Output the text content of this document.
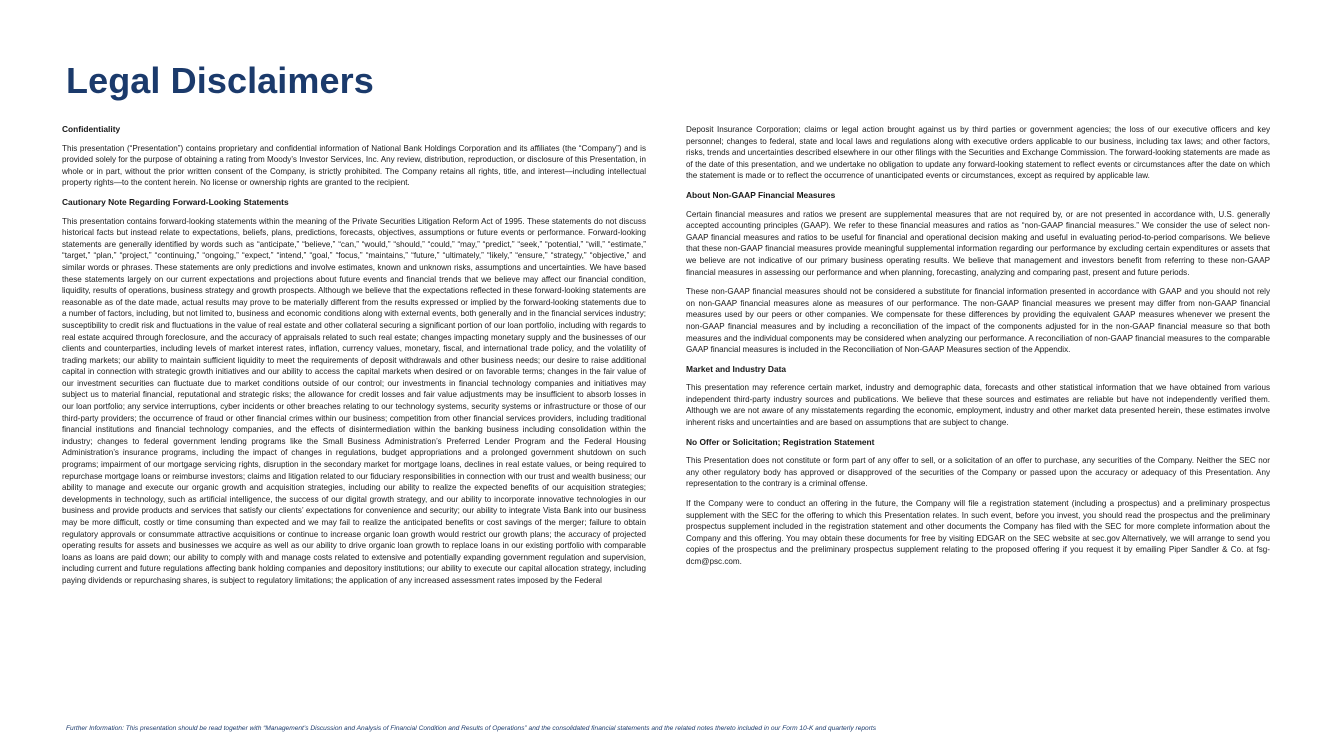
Legal Disclaimers
Confidentiality

This presentation (“Presentation”) contains proprietary and confidential information of National Bank Holdings Corporation and its affiliates (the “Company”) and is provided solely for the purpose of obtaining a rating from Moody’s Investor Services, Inc. Any review, distribution, reproduction, or disclosure of this Presentation, in whole or in part, without the prior written consent of the Company, is strictly prohibited. The Company retains all rights, title, and interest—including intellectual property rights—to the content herein. No license or ownership rights are granted to the recipient.

Cautionary Note Regarding Forward-Looking Statements

This presentation contains forward-looking statements within the meaning of the Private Securities Litigation Reform Act of 1995. These statements do not discuss historical facts but instead relate to expectations, beliefs, plans, predictions, forecasts, objectives, assumptions or future events or performance. Forward-looking statements are generally identified by words such as “anticipate,” “believe,” “can,” “would,” “should,” “could,” “may,” “predict,” “seek,” “potential,” “will,” “estimate,” “target,” “plan,” “project,” “continuing,” “ongoing,” “expect,” “intend,” “goal,” “focus,” “maintains,” “future,” “ultimately,” “likely,” “ensure,” “strategy,” “objective,” and similar words or phrases. These statements are only predictions and involve estimates, known and unknown risks, assumptions and uncertainties. We have based these statements largely on our current expectations and projections about future events and financial trends that we believe may affect our financial condition, liquidity, results of operations, business strategy and growth prospects. Although we believe that the expectations reflected in these forward-looking statements are reasonable as of the date made, actual results may prove to be materially different from the results expressed or implied by the forward-looking statements due to a number of factors, including, but not limited to, business and economic conditions along with external events, both generally and in the financial services industry; susceptibility to credit risk and fluctuations in the value of real estate and other collateral securing a significant portion of our loan portfolio, including with regards to real estate acquired through foreclosure, and the accuracy of appraisals related to such real estate; changes impacting monetary supply and the businesses of our clients and counterparties, including levels of market interest rates, inflation, currency values, monetary, fiscal, and international trade policy, and the volatility of trading markets; our ability to maintain sufficient liquidity to meet the requirements of deposit withdrawals and other business needs; our desire to raise additional capital in connection with strategic growth initiatives and our ability to access the capital markets when desired or on favorable terms; changes in the fair value of our investment securities can fluctuate due to market conditions outside of our control; our investments in financial technology companies and initiatives may subject us to material financial, reputational and strategic risks; the allowance for credit losses and fair value adjustments may be insufficient to absorb losses in our loan portfolio; any service interruptions, cyber incidents or other breaches relating to our technology systems, security systems or infrastructure or those of our third-party providers; the occurrence of fraud or other financial crimes within our business; competition from other financial services providers, including traditional financial institutions and financial technology companies, and the effects of disintermediation within the banking business including consolidation within the industry; changes to federal government lending programs like the Small Business Administration’s Preferred Lender Program and the Federal Housing Administration’s insurance programs, including the impact of changes in regulations, budget appropriations and a prolonged government shutdown on such programs; impairment of our mortgage servicing rights, disruption in the secondary market for mortgage loans, declines in real estate values, or being required to repurchase mortgage loans or reimburse investors; claims and litigation related to our fiduciary responsibilities in connection with our trust and wealth business; our ability to manage and execute our organic growth and acquisition strategies, including our ability to realize the expected benefits of our acquisition strategies; developments in technology, such as artificial intelligence, the success of our digital growth strategy, and our ability to incorporate innovative technologies in our business and provide products and services that satisfy our clients’ expectations for convenience and security; our ability to integrate Vista Bank into our business may be more difficult, costly or time consuming than expected and we may fail to realize the anticipated benefits or cost savings of the merger; failure to obtain regulatory approvals or consummate attractive acquisitions or continue to increase organic loan growth would restrict our growth plans; the accuracy of projected operating results for assets and businesses we acquire as well as our ability to drive organic loan growth to replace loans in our existing portfolio with comparable loans as loans are paid down; our ability to comply with and manage costs related to extensive and potentially expanding government regulation and supervision, including current and future regulations affecting bank holding companies and depository institutions; our ability to execute our capital allocation strategy, including paying dividends or repurchasing shares, is subject to regulatory limitations; the application of any increased assessment rates imposed by the Federal

Deposit Insurance Corporation; claims or legal action brought against us by third parties or government agencies; the loss of our executive officers and key personnel; changes to federal, state and local laws and regulations along with executive orders applicable to our business, including tax laws; and other factors, risks, trends and uncertainties described elsewhere in our other filings with the Securities and Exchange Commission. The forward-looking statements are made as of the date of this presentation, and we undertake no obligation to update any forward-looking statement to reflect events or circumstances after the date on which the statement is made or to reflect the occurrence of unanticipated events or circumstances, except as required by applicable law.

About Non-GAAP Financial Measures

Certain financial measures and ratios we present are supplemental measures that are not required by, or are not presented in accordance with, U.S. generally accepted accounting principles (GAAP). We refer to these financial measures and ratios as “non-GAAP financial measures.” We consider the use of select non-GAAP financial measures and ratios to be useful for financial and operational decision making and useful in evaluating period-to-period comparisons. We believe that these non-GAAP financial measures provide meaningful supplemental information regarding our performance by excluding certain expenditures or assets that we believe are not indicative of our primary business operating results. We believe that management and investors benefit from referring to these non-GAAP financial measures in assessing our performance and when planning, forecasting, analyzing and comparing past, present and future periods.

These non-GAAP financial measures should not be considered a substitute for financial information presented in accordance with GAAP and you should not rely on non-GAAP financial measures alone as measures of our performance. The non-GAAP financial measures we present may differ from non-GAAP financial measures used by our peers or other companies. We compensate for these differences by providing the equivalent GAAP measures whenever we present the non-GAAP financial measures and by including a reconciliation of the impact of the components adjusted for in the non-GAAP financial measure so that both measures and the individual components may be considered when analyzing our performance. A reconciliation of non-GAAP financial measures to the comparable GAAP financial measures is included in the Reconciliation of Non-GAAP Measures section of the Appendix.

Market and Industry Data

This presentation may reference certain market, industry and demographic data, forecasts and other statistical information that we have obtained from various independent third-party industry sources and publications. We believe that these sources and estimates are reliable but have not independently verified them. Although we are not aware of any misstatements regarding the economic, employment, industry and other market data presented herein, these estimates involve inherent risks and uncertainties and are based on assumptions that are subject to change.

No Offer or Solicitation; Registration Statement

This Presentation does not constitute or form part of any offer to sell, or a solicitation of an offer to purchase, any securities of the Company. Neither the SEC nor any other regulatory body has approved or disapproved of the securities of the Company or passed upon the accuracy or adequacy of this Presentation. Any representation to the contrary is a criminal offense.

If the Company were to conduct an offering in the future, the Company will file a registration statement (including a prospectus) and a preliminary prospectus supplement with the SEC for the offering to which this Presentation relates. In such event, before you invest, you should read the prospectus and the preliminary prospectus supplement included in the registration statement and other documents the Company has filed with the SEC for more complete information about the Company and this offering. You may obtain these documents for free by visiting EDGAR on the SEC website at sec.gov Alternatively, we will arrange to send you copies of the prospectus and the preliminary prospectus supplement relating to the proposed offering if you request it by emailing Piper Sandler & Co. at fsg-dcm@psc.com.

Further Information: This presentation should be read together with “Management’s Discussion and Analysis of Financial Condition and Results of Operations” and the consolidated financial statements and the related notes thereto included in our Form 10-K and quarterly reports
